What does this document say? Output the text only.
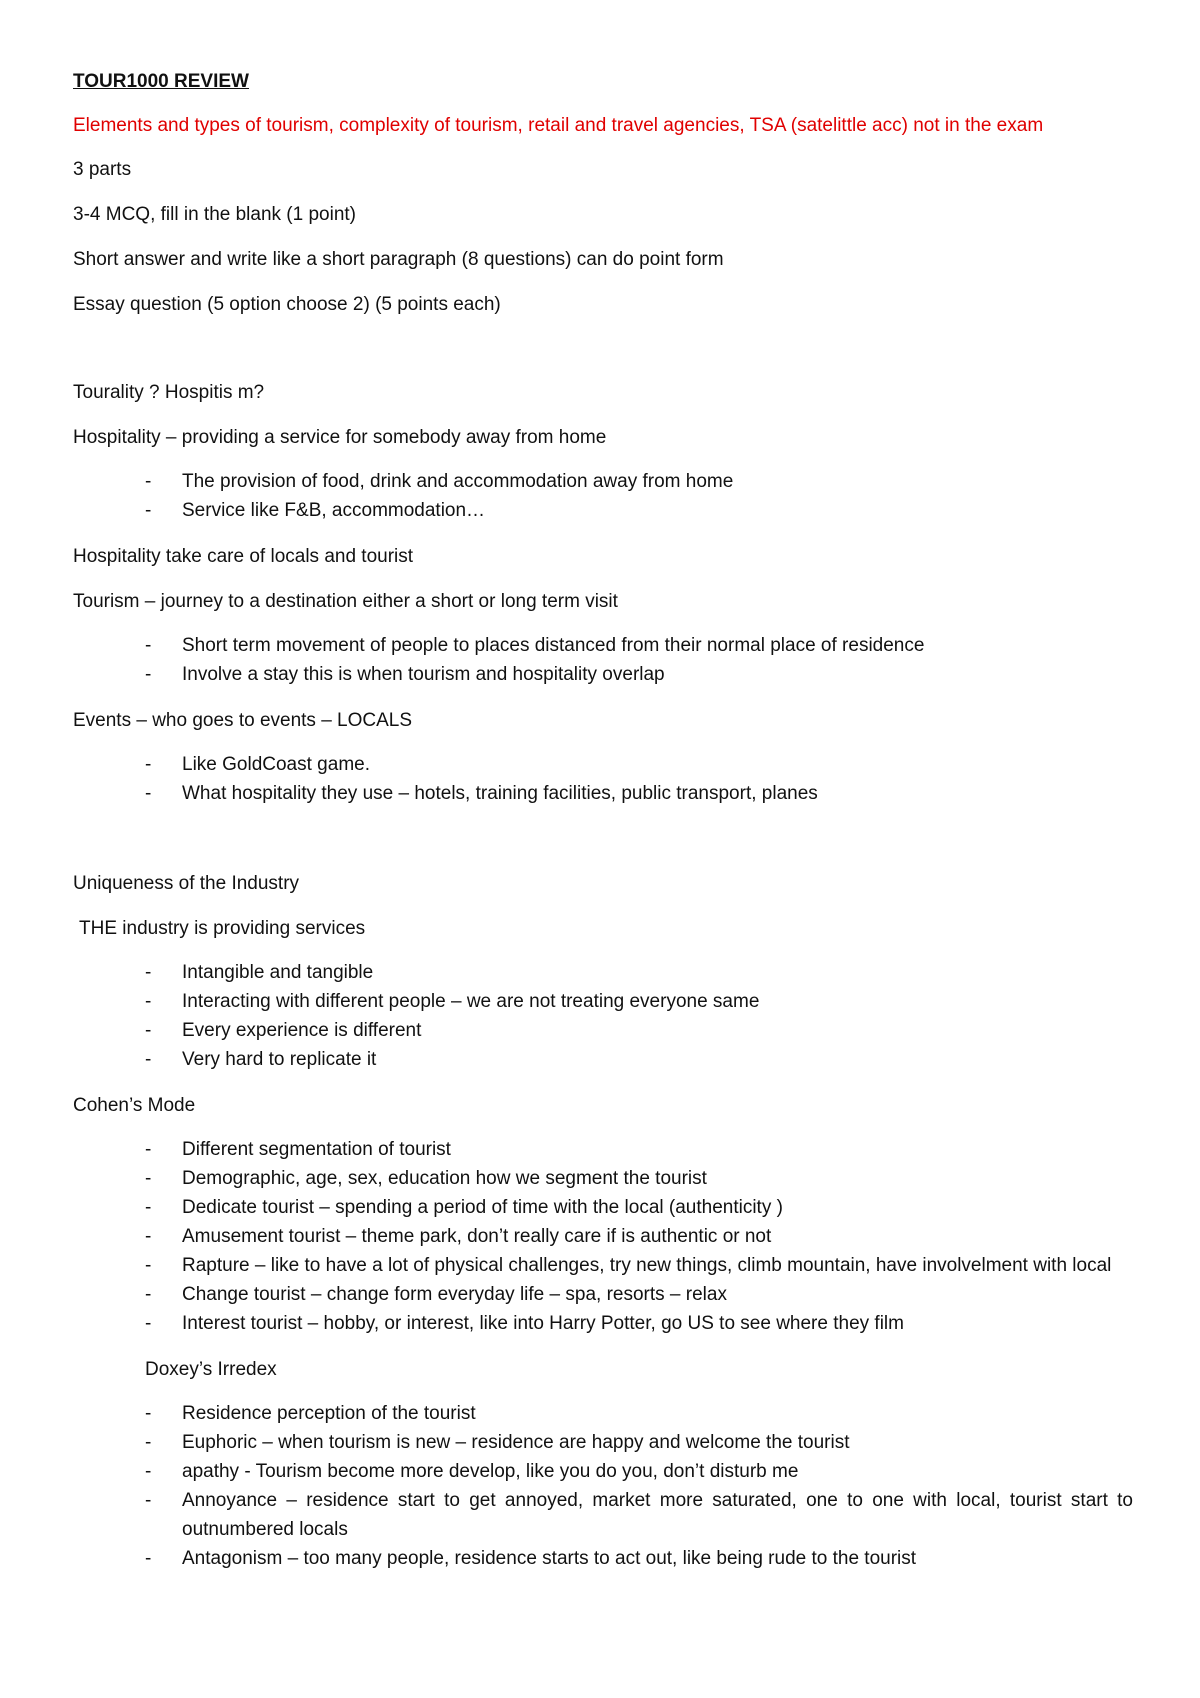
TOUR1000 REVIEW

Elements and types of tourism, complexity of tourism, retail and travel agencies, TSA (satelittle acc) not in the exam

3 parts

3-4 MCQ, fill in the blank (1 point)

Short answer and write like a short paragraph (8 questions) can do point form

Essay question (5 option choose 2) (5 points each)

Tourality ? Hospitis m?

Hospitality – providing a service for somebody away from home

- The provision of food, drink and accommodation away from home
- Service like F&B, accommodation…

Hospitality take care of locals and tourist

Tourism – journey to a destination either a short or long term visit

- Short term movement of people to places distanced from their normal place of residence
- Involve a stay this is when tourism and hospitality overlap

Events – who goes to events – LOCALS

- Like GoldCoast game.
- What hospitality they use – hotels, training facilities, public transport, planes

Uniqueness of the Industry

THE industry is providing services

- Intangible and tangible
- Interacting with different people – we are not treating everyone same
- Every experience is different
- Very hard to replicate it

Cohen’s Mode

- Different segmentation of tourist
- Demographic, age, sex, education how we segment the tourist
- Dedicate tourist – spending a period of time with the local (authenticity )
- Amusement tourist – theme park, don’t really care if is authentic or not
- Rapture – like to have a lot of physical challenges, try new things, climb mountain, have involvelment with local
- Change tourist – change form everyday life – spa, resorts – relax
- Interest tourist – hobby, or interest, like into Harry Potter, go US to see where they film

Doxey’s Irredex

- Residence perception of the tourist
- Euphoric – when tourism is new – residence are happy and welcome the tourist
- apathy - Tourism become more develop, like you do you, don’t disturb me
- Annoyance – residence start to get annoyed, market more saturated, one to one with local, tourist start to outnumbered locals
- Antagonism – too many people, residence starts to act out, like being rude to the tourist
